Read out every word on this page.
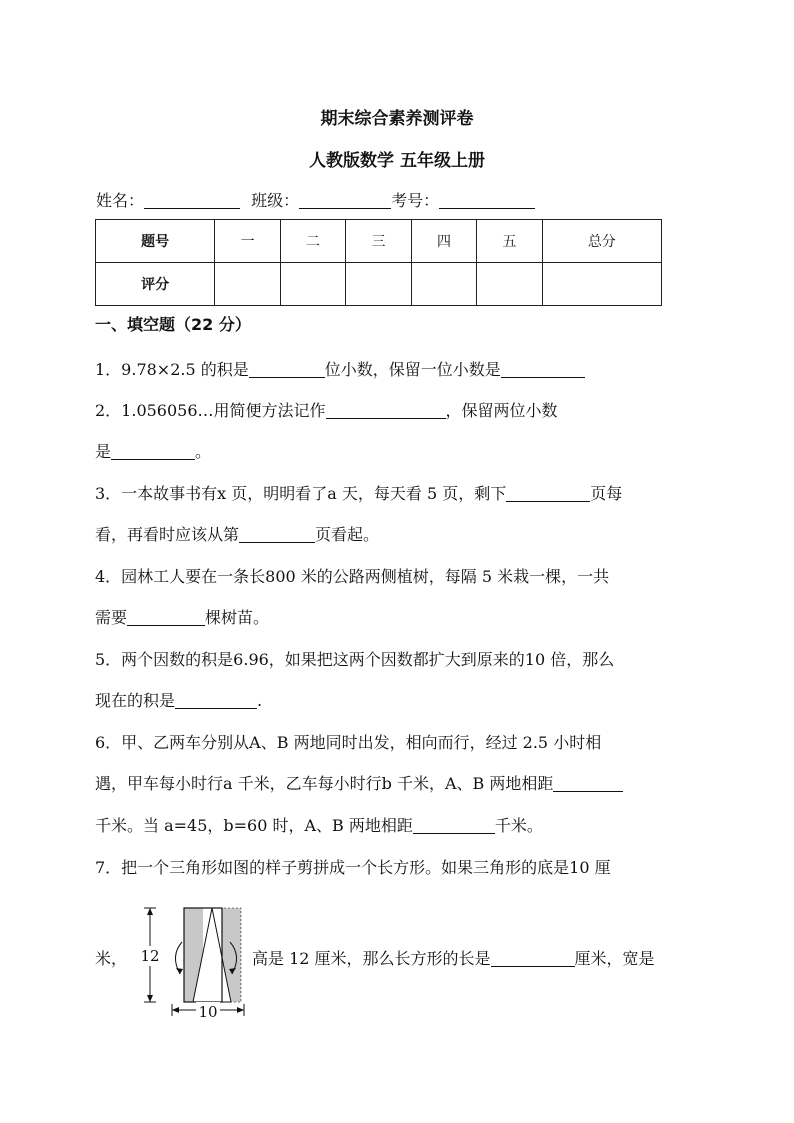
期末综合素养测评卷
人教版数学 五年级上册
姓名：	班级：	考号：
题号	一	二	三	四	五	总分
评分						
一、填空题（22 分）
1．9.78×2.5 的积是	位小数，保留一位小数是
2．1.056056…用简便方法记作	，保留两位小数
是	。
3．一本故事书有x 页，明明看了a 天，每天看 5 页，剩下	页每
看，再看时应该从第	页看起。
4．园林工人要在一条长800 米的公路两侧植树，每隔 5 米栽一棵，一共
需要	棵树苗。
5．两个因数的积是6.96，如果把这两个因数都扩大到原来的10 倍，那么
现在的积是	.
6．甲、乙两车分别从A、B 两地同时出发，相向而行，经过 2.5 小时相
遇，甲车每小时行a 千米，乙车每小时行b 千米，A、B 两地相距
千米。当 a=45，b=60 时，A、B 两地相距	千米。
7．把一个三角形如图的样子剪拼成一个长方形。如果三角形的底是10 厘
米，	高是 12 厘米，那么长方形的长是	厘米，宽是
12
10
